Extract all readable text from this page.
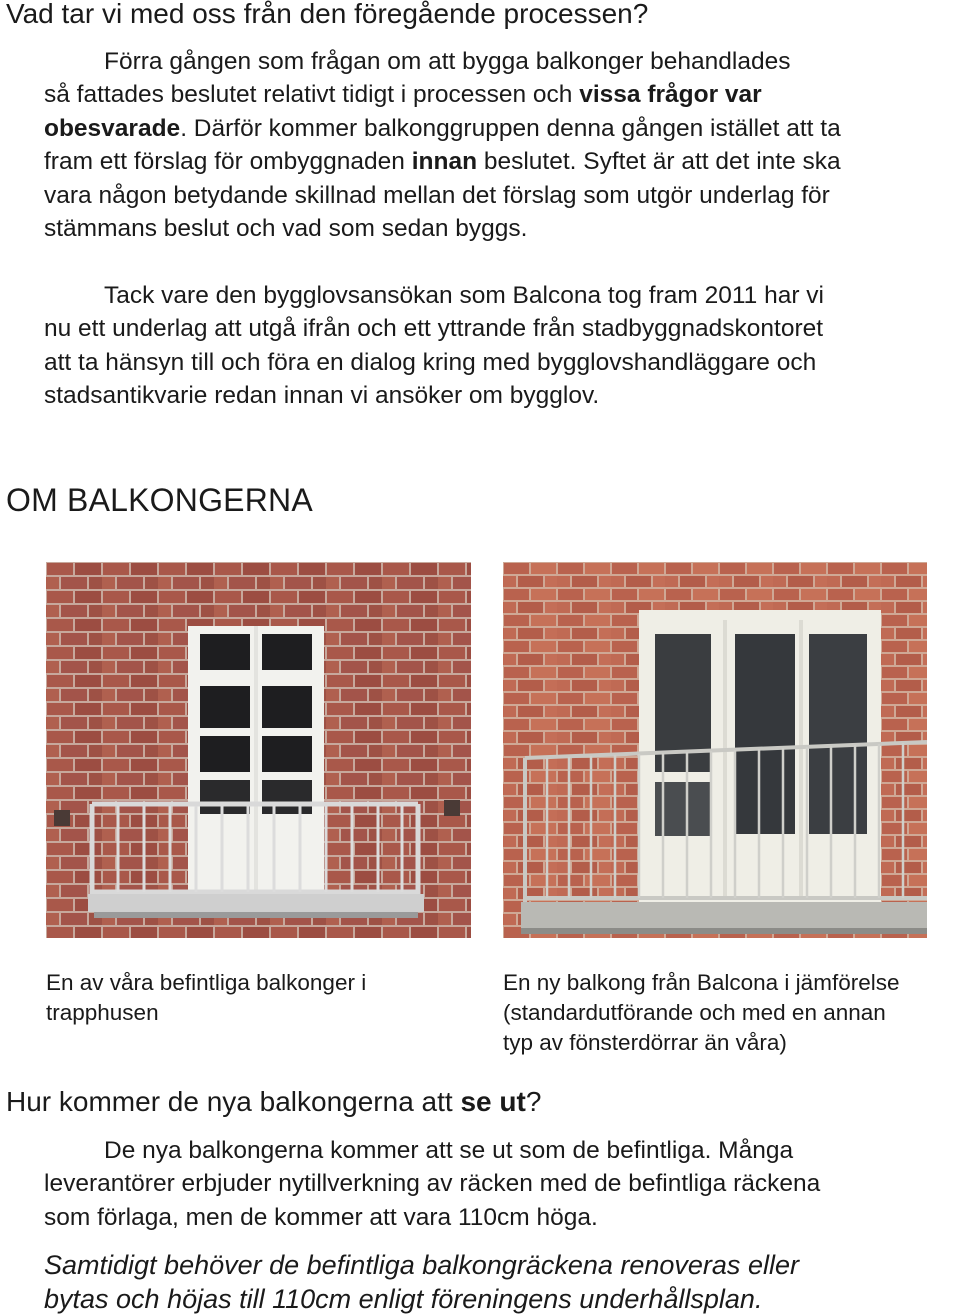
Vad tar vi med oss från den föregående processen?

Förra gången som frågan om att bygga balkonger behandlades
så fattades beslutet relativt tidigt i processen och vissa frågor var
obesvarade. Därför kommer balkonggruppen denna gången istället att ta
fram ett förslag för ombyggnaden innan beslutet. Syftet är att det inte ska
vara någon betydande skillnad mellan det förslag som utgör underlag för
stämmans beslut och vad som sedan byggs.

Tack vare den bygglovsansökan som Balcona tog fram 2011 har vi
nu ett underlag att utgå ifrån och ett yttrande från stadbyggnadskontoret
att ta hänsyn till och föra en dialog kring med bygglovshandläggare och
stadsantikvarie redan innan vi ansöker om bygglov.

OM BALKONGERNA
En av våra befintliga balkonger i
trapphusen
En ny balkong från Balcona i jämförelse
(standardutförande och med en annan
typ av fönsterdörrar än våra)
Hur kommer de nya balkongerna att se ut?

De nya balkongerna kommer att se ut som de befintliga. Många
leverantörer erbjuder nytillverkning av räcken med de befintliga räckena
som förlaga, men de kommer att vara 110cm höga.

Samtidigt behöver de befintliga balkongräckena renoveras eller
bytas och höjas till 110cm enligt föreningens underhållsplan.
